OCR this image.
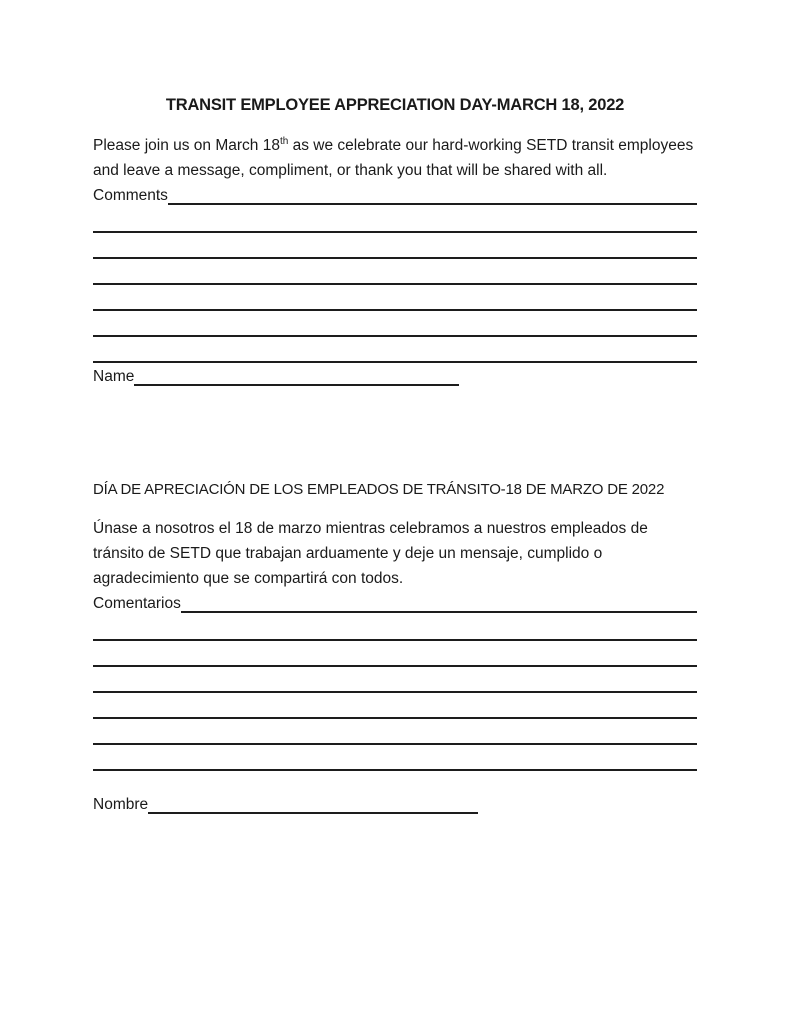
TRANSIT EMPLOYEE APPRECIATION DAY-MARCH 18, 2022

Please join us on March 18th as we celebrate our hard-working SETD transit employees and leave a message, compliment, or thank you that will be shared with all.

Comments
Name
DÍA DE APRECIACIÓN DE LOS EMPLEADOS DE TRÁNSITO-18 DE MARZO DE 2022

Únase a nosotros el 18 de marzo mientras celebramos a nuestros empleados de tránsito de SETD que trabajan arduamente y deje un mensaje, cumplido o agradecimiento que se compartirá con todos.

Comentarios
Nombre
